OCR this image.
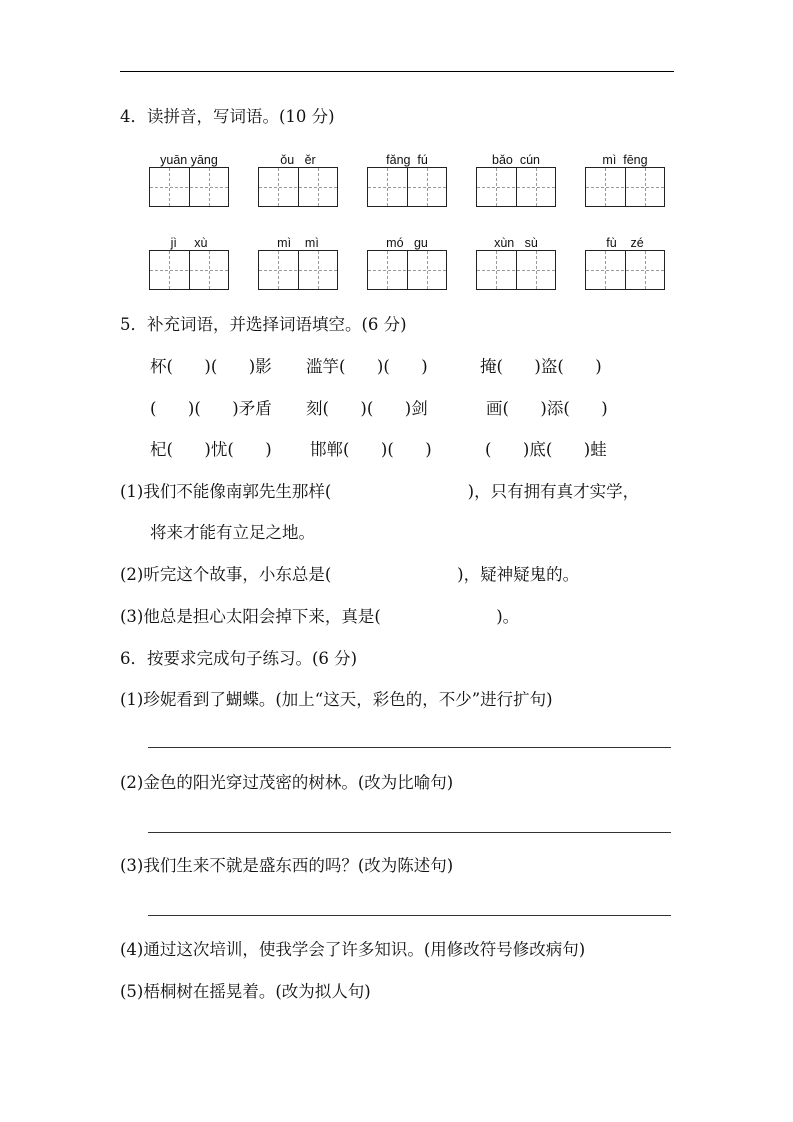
4．读拼音，写词语。(10 分)
yuān yāng	ǒu   ěr	fǎng  fú	bǎo  cún	mì  fēng
jì     xù	mì    mì	mó   gu	xùn   sù	fù    zé
5．补充词语，并选择词语填空。(6 分)
杯(      )(      )影 滥竽(      )(      )	掩(      )盗(      )
(      )(      )矛盾 刻(      )(      )剑	画(      )添(      )
杞(      )忧(      ) 邯郸(      )(      )	(      )底(      )蛙
(1)我们不能像南郭先生那样(                          )，只有拥有真才实学，
将来才能有立足之地。
(2)听完这个故事，小东总是(                        )，疑神疑鬼的。
(3)他总是担心太阳会掉下来，真是(                      )。
6．按要求完成句子练习。(6 分)
(1)珍妮看到了蝴蝶。(加上“这天，彩色的，不少”进行扩句)
(2)金色的阳光穿过茂密的树林。(改为比喻句)
(3)我们生来不就是盛东西的吗？(改为陈述句)
(4)通过这次培训，使我学会了许多知识。(用修改符号修改病句)
(5)梧桐树在摇晃着。(改为拟人句)
